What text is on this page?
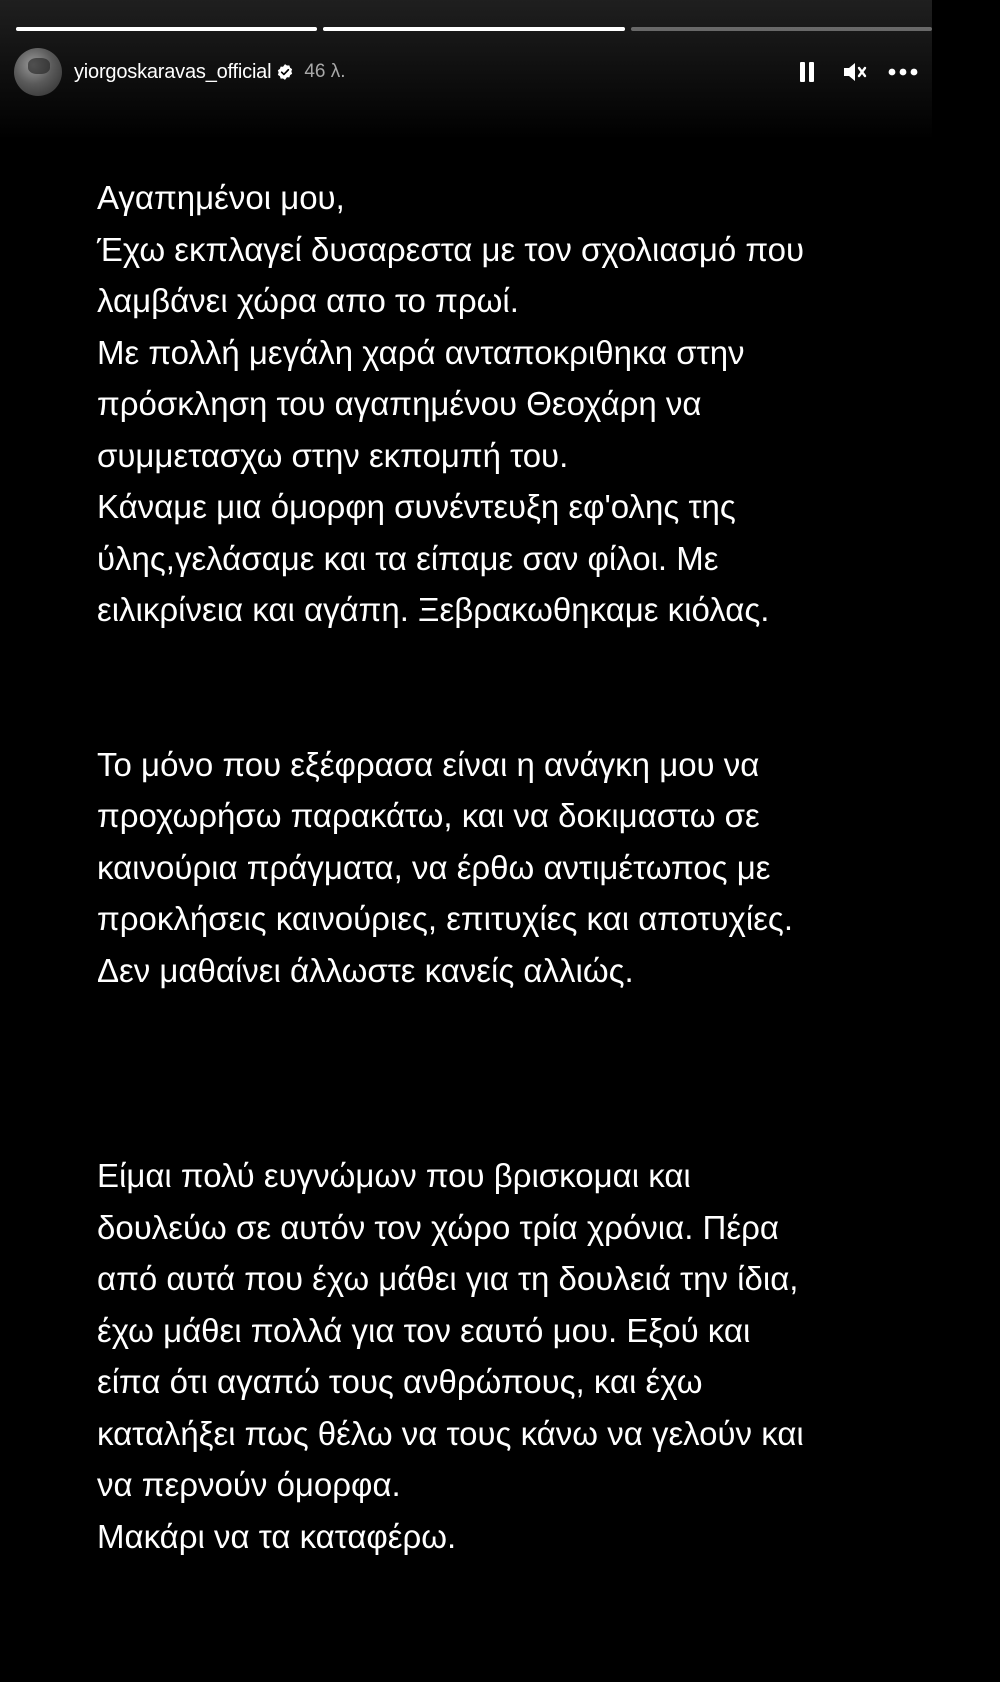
yiorgoskaravas_official 46 λ.

Αγαπημένοι μου,

Έχω εκπλαγεί δυσαρεστα με τον σχολιασμό που

λαμβάνει χώρα απο το πρωί.

Με πολλή μεγάλη χαρά ανταποκριθηκα στην

πρόσκληση του αγαπημένου Θεοχάρη να

συμμετασχω στην εκπομπή του.

Κάναμε μια όμορφη συνέντευξη εφ'ολης της

ύλης,γελάσαμε και τα είπαμε σαν φίλοι. Με

ειλικρίνεια και αγάπη. Ξεβρακωθηκαμε κιόλας.

Το μόνο που εξέφρασα είναι η ανάγκη μου να

προχωρήσω παρακάτω, και να δοκιμαστω σε

καινούρια πράγματα, να έρθω αντιμέτωπος με

προκλήσεις καινούριες, επιτυχίες και αποτυχίες.

Δεν μαθαίνει άλλωστε κανείς αλλιώς.

Είμαι πολύ ευγνώμων που βρισκομαι και

δουλεύω σε αυτόν τον χώρο τρία χρόνια. Πέρα

από αυτά που έχω μάθει για τη δουλειά την ίδια,

έχω μάθει πολλά για τον εαυτό μου. Εξού και

είπα ότι αγαπώ τους ανθρώπους, και έχω

καταλήξει πως θέλω να τους κάνω να γελούν και

να περνούν όμορφα.

Μακάρι να τα καταφέρω.
